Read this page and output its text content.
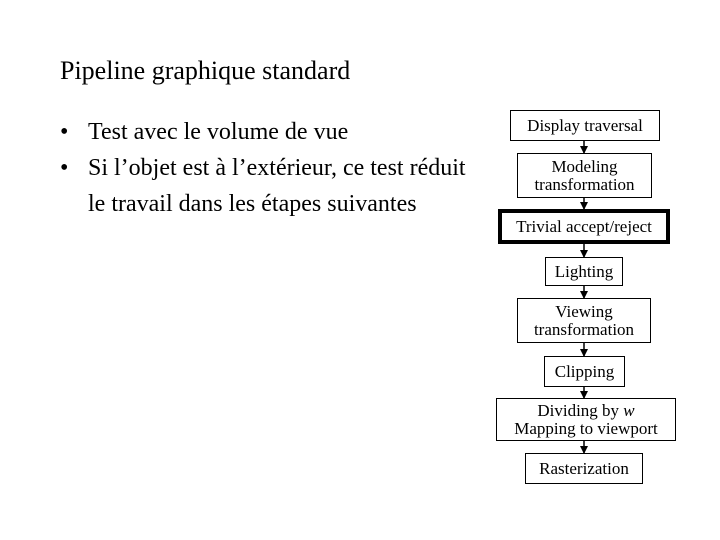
Pipeline graphique standard
• Test avec le volume de vue
• Si l’objet est à l’extérieur, ce test réduit le travail dans les étapes suivantes
Display traversal
Modeling
transformation
Trivial accept/reject
Lighting
Viewing
transformation
Clipping
Dividing by w
Mapping to viewport
Rasterization
